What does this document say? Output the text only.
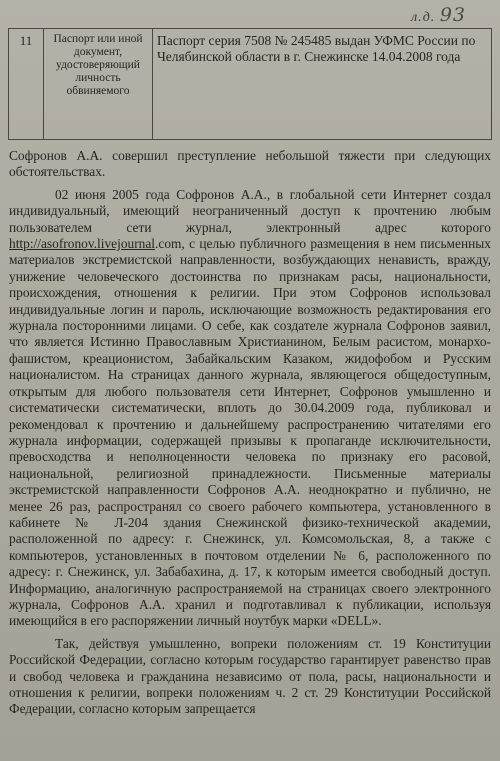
л.д. 93
11	Паспорт или иной документ, удостоверяющий личность обвиняемого	Паспорт серия 7508 № 245485 выдан УФМС России по Челябинской области в г. Снежинске 14.04.2008 года

Софронов А.А. совершил преступление небольшой тяжести при следующих обстоятельствах.

02 июня 2005 года Софронов А.А., в глобальной сети Интернет создал индивидуальный, имеющий неограниченный доступ к прочтению любым пользователем сети журнал, электронный адрес которого http://asofronov.livejournal.com, с целью публичного размещения в нем письменных материалов экстремистской направленности, возбуждающих ненависть, вражду, унижение человеческого достоинства по признакам расы, национальности, происхождения, отношения к религии. При этом Софронов использовал индивидуальные логин и пароль, исключающие возможность редактирования его журнала посторонними лицами. О себе, как создателе журнала Софронов заявил, что является Истинно Православным Христианином, Белым расистом, монархо-фашистом, креационистом, Забайкальским Казаком, жидофобом и Русским националистом. На страницах данного журнала, являющегося общедоступным, открытым для любого пользователя сети Интернет, Софронов умышленно и систематически систематически, вплоть до 30.04.2009 года, публиковал и рекомендовал к прочтению и дальнейшему распространению читателями его журнала информации, содержащей призывы к пропаганде исключительности, превосходства и неполноценности человека по признаку его расовой, национальной, религиозной принадлежности. Письменные материалы экстремистской направленности Софронов А.А. неоднократно и публично, не менее 26 раз, распространял со своего рабочего компьютера, установленного в кабинете № Л-204 здания Снежинской физико-технической академии, расположенной по адресу: г. Снежинск, ул. Комсомольская, 8, а также с компьютеров, установленных в почтовом отделении № 6, расположенного по адресу: г. Снежинск, ул. Забабахина, д. 17, к которым имеется свободный доступ. Информацию, аналогичную распространяемой на страницах своего электронного журнала, Софронов А.А. хранил и подготавливал к публикации, используя имеющийся в его распоряжении личный ноутбук марки «DELL».

Так, действуя умышленно, вопреки положениям ст. 19 Конституции Российской Федерации, согласно которым государство гарантирует равенство прав и свобод человека и гражданина независимо от пола, расы, национальности и отношения к религии, вопреки положениям ч. 2 ст. 29 Конституции Российской Федерации, согласно которым запрещается
